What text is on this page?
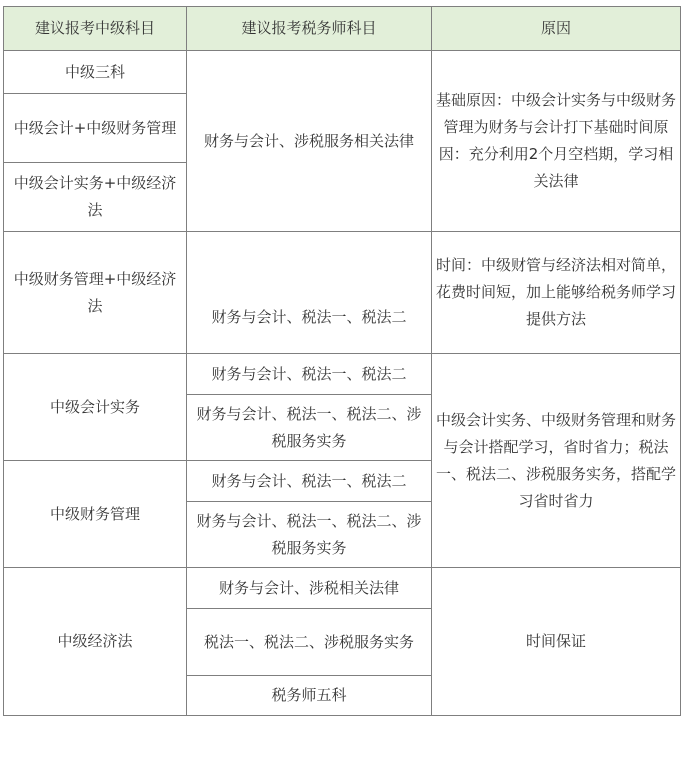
建议报考中级科目	建议报考税务师科目	原因
中级三科	财务与会计、涉税服务相关法律	基础原因：中级会计实务与中级财务管理为财务与会计打下基础时间原因：充分利用2个月空档期，学习相关法律
中级会计+中级财务管理		
中级会计实务+中级经济法		
中级财务管理+中级经济法	财务与会计、税法一、税法二	时间：中级财管与经济法相对简单，花费时间短，加上能够给税务师学习提供方法
中级会计实务	财务与会计、税法一、税法二	中级会计实务、中级财务管理和财务与会计搭配学习，省时省力；税法一、税法二、涉税服务实务，搭配学习省时省力
	财务与会计、税法一、税法二、涉税服务实务	
中级财务管理	财务与会计、税法一、税法二	
	财务与会计、税法一、税法二、涉税服务实务	
中级经济法	财务与会计、涉税相关法律	时间保证
	税法一、税法二、涉税服务实务	
	税务师五科	
